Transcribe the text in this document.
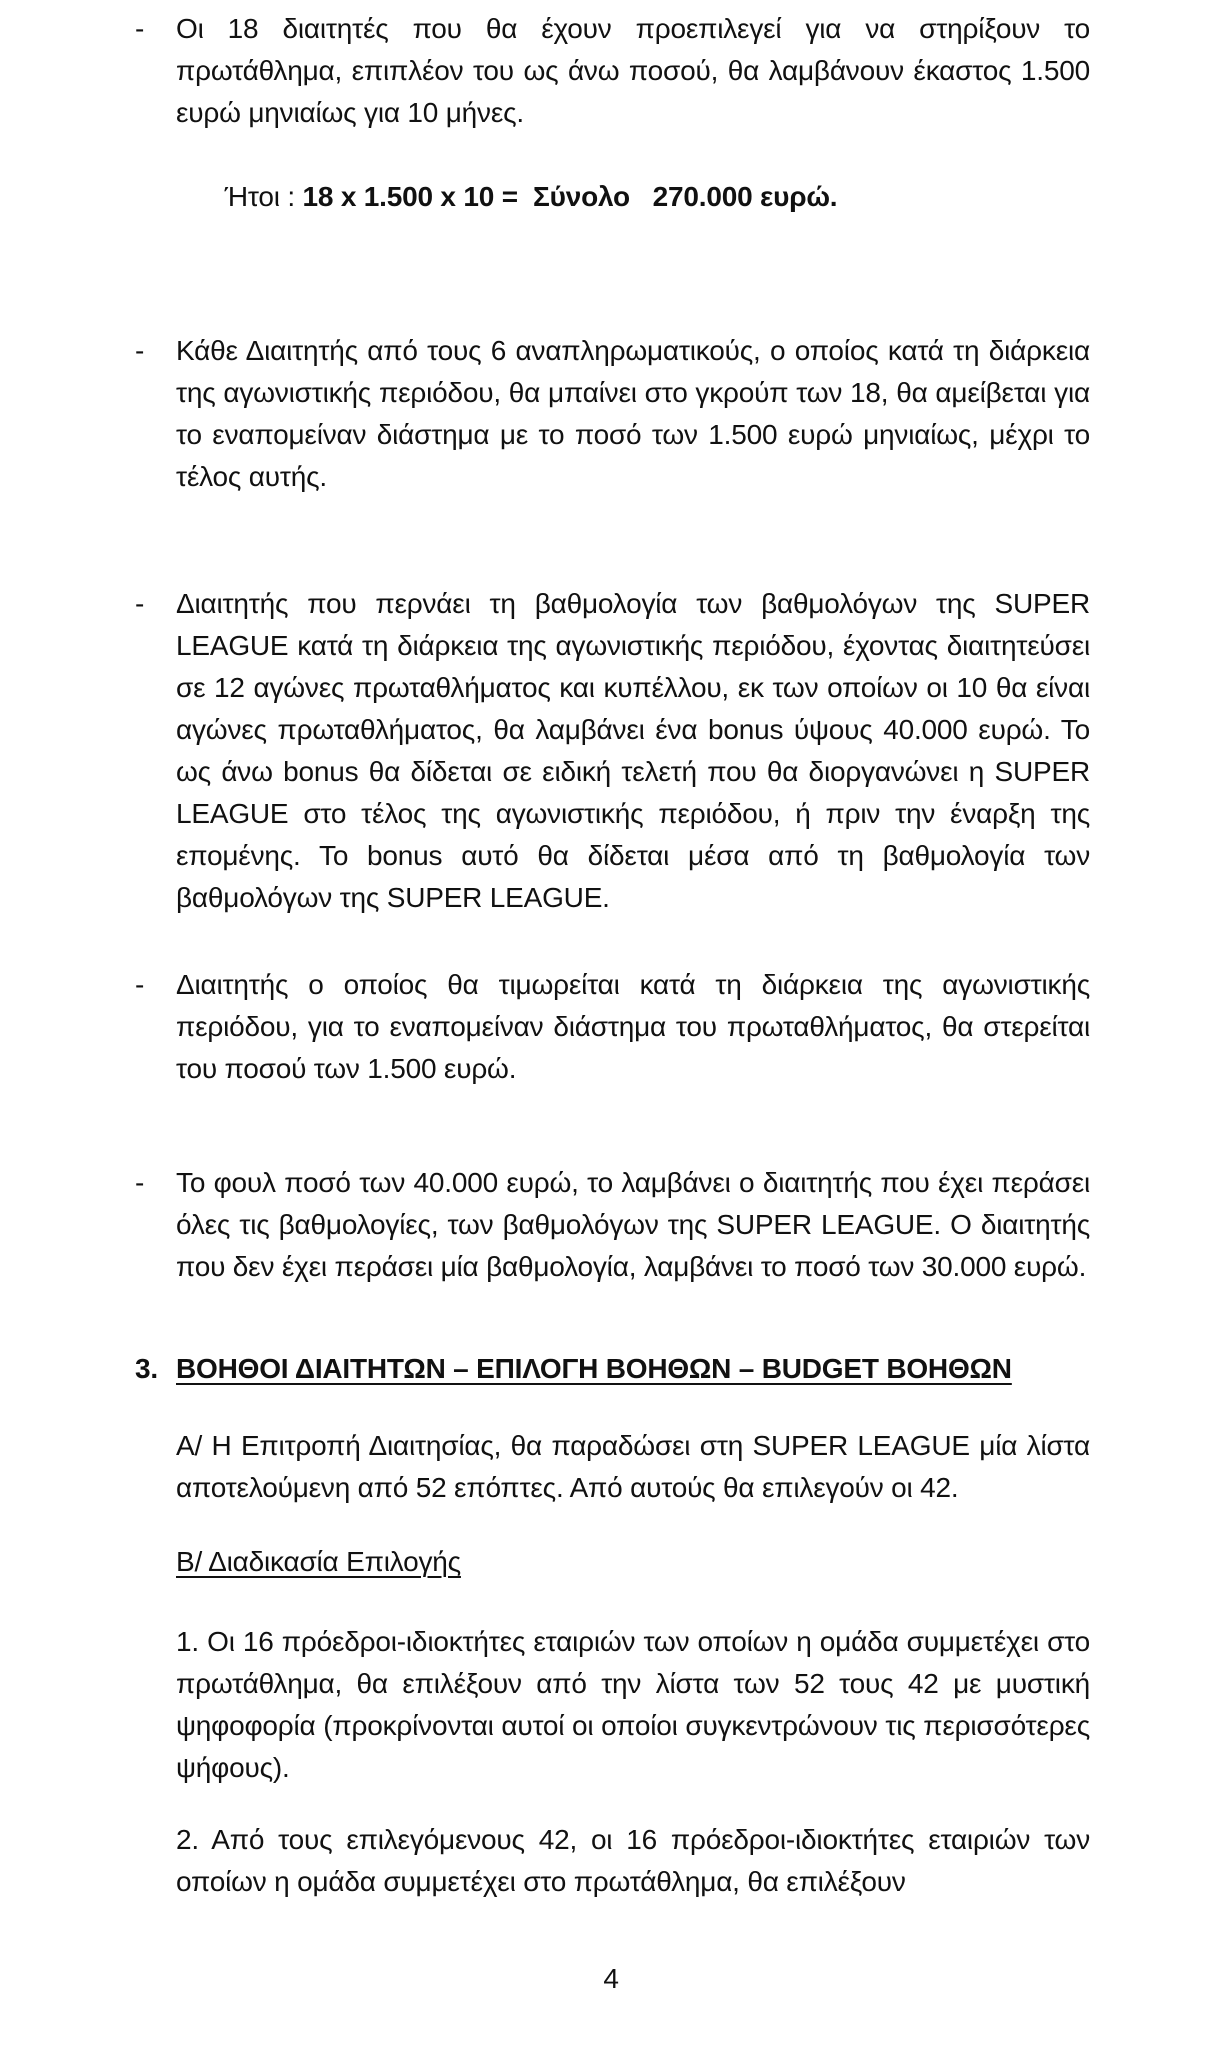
-	Οι 18 διαιτητές που θα έχουν προεπιλεγεί για να στηρίξουν το πρωτάθλημα, επιπλέον του ως άνω ποσού, θα λαμβάνουν έκαστος 1.500 ευρώ μηνιαίως για 10 μήνες.

Ήτοι : 18 x 1.500 x 10 =  Σύνολο   270.000 ευρώ.

-	Κάθε Διαιτητής από τους 6 αναπληρωματικούς, ο οποίος κατά τη διάρκεια της αγωνιστικής περιόδου, θα μπαίνει στο γκρούπ των 18, θα αμείβεται για το εναπομείναν διάστημα με το ποσό των 1.500 ευρώ μηνιαίως, μέχρι το τέλος αυτής.
-	Διαιτητής που περνάει τη βαθμολογία των βαθμολόγων της SUPER LEAGUE κατά τη διάρκεια της αγωνιστικής περιόδου, έχοντας διαιτητεύσει σε 12 αγώνες πρωταθλήματος και κυπέλλου, εκ των οποίων οι 10 θα είναι αγώνες πρωταθλήματος, θα λαμβάνει ένα bonus ύψους 40.000 ευρώ. Το ως άνω bonus θα δίδεται σε ειδική τελετή που θα διοργανώνει η SUPER LEAGUE στο τέλος της αγωνιστικής περιόδου, ή πριν την έναρξη της επομένης. Το bonus αυτό θα δίδεται μέσα από τη βαθμολογία των βαθμολόγων της SUPER LEAGUE.
-	Διαιτητής ο οποίος θα τιμωρείται κατά τη διάρκεια της αγωνιστικής περιόδου, για το εναπομείναν διάστημα του πρωταθλήματος, θα στερείται του ποσού των 1.500 ευρώ.
-	Το φουλ ποσό των 40.000 ευρώ, το λαμβάνει ο διαιτητής που έχει περάσει όλες τις βαθμολογίες, των βαθμολόγων της SUPER LEAGUE. Ο διαιτητής που δεν έχει περάσει μία βαθμολογία, λαμβάνει το ποσό των 30.000 ευρώ.
3. ΒΟΗΘΟΙ ΔΙΑΙΤΗΤΩΝ – ΕΠΙΛΟΓΗ ΒΟΗΘΩΝ – BUDGET ΒΟΗΘΩΝ
Α/ Η Επιτροπή Διαιτησίας, θα παραδώσει στη SUPER LEAGUE μία λίστα αποτελούμενη από 52 επόπτες. Από αυτούς θα επιλεγούν οι 42.
Β/ Διαδικασία Επιλογής
1. Οι 16 πρόεδροι-ιδιοκτήτες εταιριών των οποίων η ομάδα συμμετέχει στο πρωτάθλημα, θα επιλέξουν από την λίστα των 52 τους 42 με μυστική ψηφοφορία (προκρίνονται αυτοί οι οποίοι συγκεντρώνουν τις περισσότερες ψήφους).
2. Από τους επιλεγόμενους 42, οι 16 πρόεδροι-ιδιοκτήτες εταιριών των οποίων η ομάδα συμμετέχει στο πρωτάθλημα, θα επιλέξουν
4
